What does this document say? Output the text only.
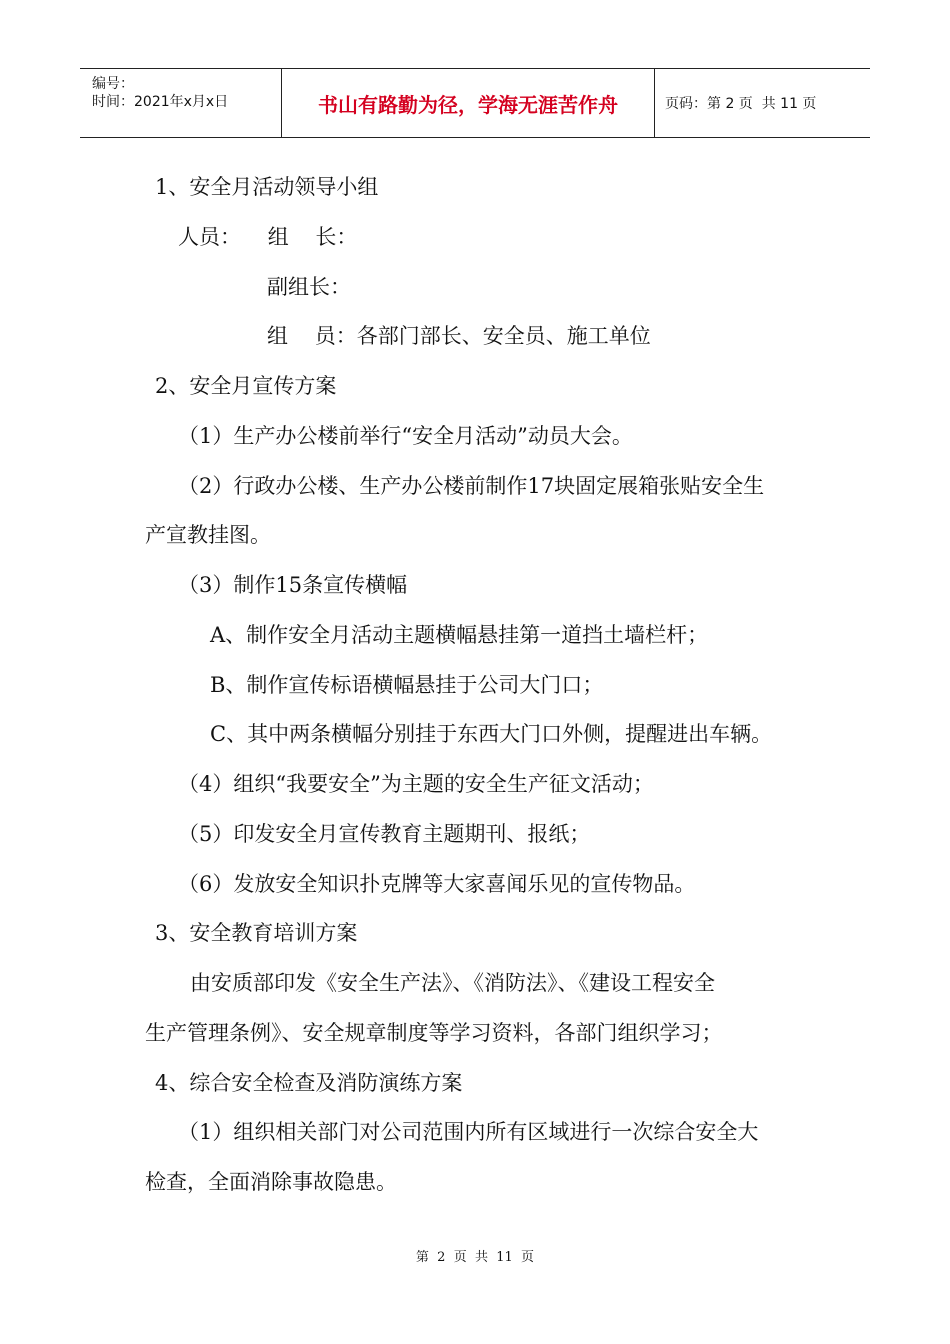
编号：
时间：2021年x月x日	书山有路勤为径，学海无涯苦作舟	页码：第 2 页  共 11 页
1、安全月活动领导小组
人员：    组    长：
副组长：
组    员：各部门部长、安全员、施工单位
2、安全月宣传方案
（1）生产办公楼前举行“安全月活动”动员大会。
（2）行政办公楼、生产办公楼前制作17块固定展箱张贴安全生
产宣教挂图。
（3）制作15条宣传横幅
A、制作安全月活动主题横幅悬挂第一道挡土墙栏杆；
B、制作宣传标语横幅悬挂于公司大门口；
C、其中两条横幅分别挂于东西大门口外侧，提醒进出车辆。
（4）组织“我要安全”为主题的安全生产征文活动；
（5）印发安全月宣传教育主题期刊、报纸；
（6）发放安全知识扑克牌等大家喜闻乐见的宣传物品。
3、安全教育培训方案
由安质部印发《安全生产法》、《消防法》、《建设工程安全
生产管理条例》、安全规章制度等学习资料，各部门组织学习；
4、综合安全检查及消防演练方案
（1）组织相关部门对公司范围内所有区域进行一次综合安全大
检查，全面消除事故隐患。
第  2  页  共  11  页
